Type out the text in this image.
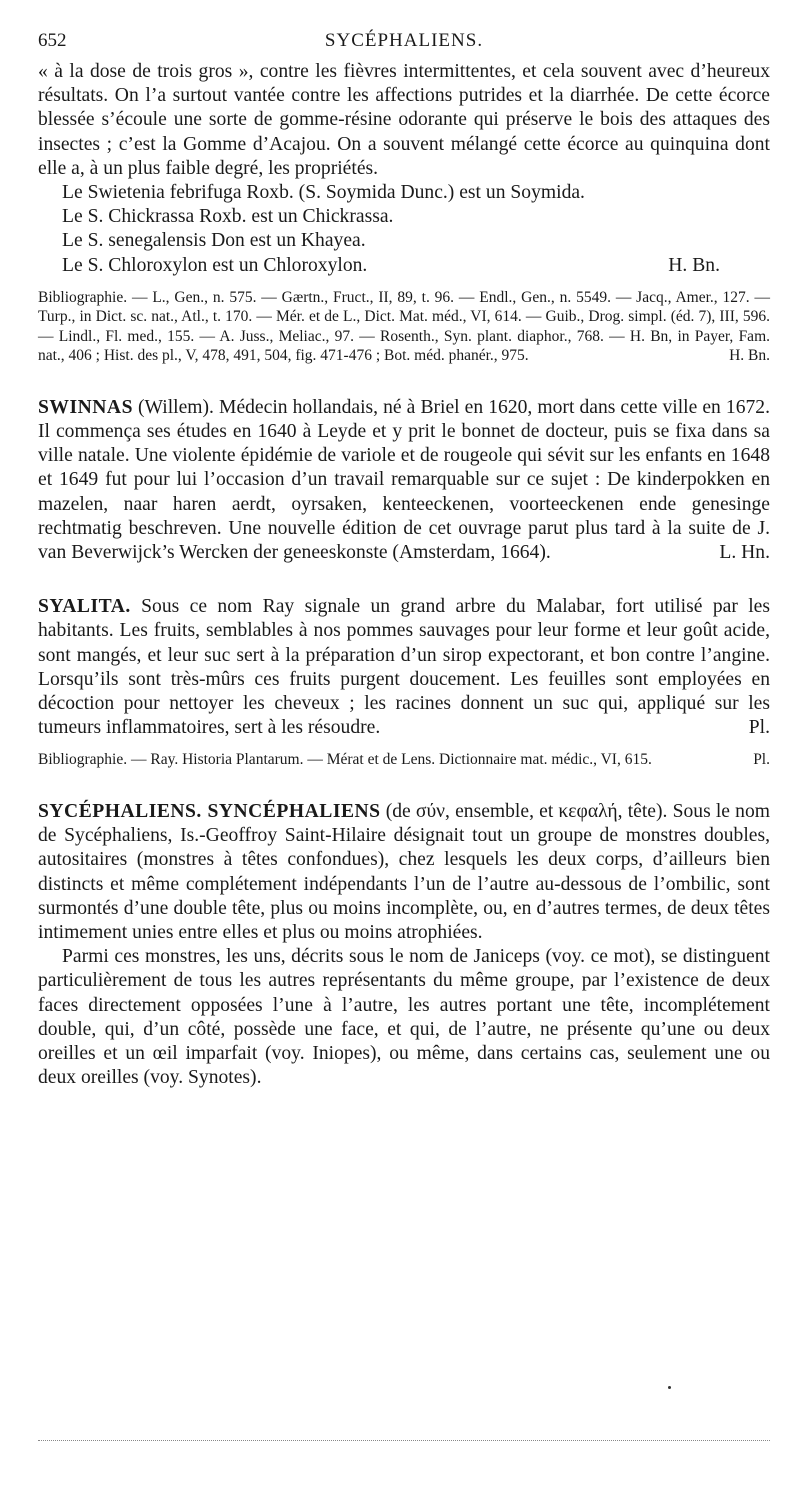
652	SYCÉPHALIENS.

« à la dose de trois gros », contre les fièvres intermittentes, et cela souvent avec d’heureux résultats. On l’a surtout vantée contre les affections putrides et la diarrhée. De cette écorce blessée s’écoule une sorte de gomme-résine odorante qui préserve le bois des attaques des insectes ; c’est la Gomme d’Acajou. On a souvent mélangé cette écorce au quinquina dont elle a, à un plus faible degré, les propriétés.

Le Swietenia febrifuga Roxb. (S. Soymida Dunc.) est un Soymida.

Le S. Chickrassa Roxb. est un Chickrassa.

Le S. senegalensis Don est un Khayea.

Le S. Chloroxylon est un Chloroxylon.	H. Bn.

Bibliographie. — L., Gen., n. 575. — Gærtn., Fruct., II, 89, t. 96. — Endl., Gen., n. 5549. — Jacq., Amer., 127. — Turp., in Dict. sc. nat., Atl., t. 170. — Mér. et de L., Dict. Mat. méd., VI, 614. — Guib., Drog. simpl. (éd. 7), III, 596. — Lindl., Fl. med., 155. — A. Juss., Meliac., 97. — Rosenth., Syn. plant. diaphor., 768. — H. Bn, in Payer, Fam. nat., 406 ; Hist. des pl., V, 478, 491, 504, fig. 471-476 ; Bot. méd. phanér., 975.	H. Bn.

SWINNAS (Willem). Médecin hollandais, né à Briel en 1620, mort dans cette ville en 1672. Il commença ses études en 1640 à Leyde et y prit le bonnet de docteur, puis se fixa dans sa ville natale. Une violente épidémie de variole et de rougeole qui sévit sur les enfants en 1648 et 1649 fut pour lui l’occasion d’un travail remarquable sur ce sujet : De kinderpokken en mazelen, naar haren aerdt, oyrsaken, kenteeckenen, voorteeckenen ende genesinge rechtmatig beschreven. Une nouvelle édition de cet ouvrage parut plus tard à la suite de J. van Beverwijck’s Wercken der geneeskonste (Amsterdam, 1664).	L. Hn.

SYALITA. Sous ce nom Ray signale un grand arbre du Malabar, fort utilisé par les habitants. Les fruits, semblables à nos pommes sauvages pour leur forme et leur goût acide, sont mangés, et leur suc sert à la préparation d’un sirop expectorant, et bon contre l’angine. Lorsqu’ils sont très-mûrs ces fruits purgent doucement. Les feuilles sont employées en décoction pour nettoyer les cheveux ; les racines donnent un suc qui, appliqué sur les tumeurs inflammatoires, sert à les résoudre.	Pl.

Bibliographie. — Ray. Historia Plantarum. — Mérat et de Lens. Dictionnaire mat. médic., VI, 615.	Pl.

SYCÉPHALIENS. SYNCÉPHALIENS (de σύν, ensemble, et κεφαλή, tête). Sous le nom de Sycéphaliens, Is.-Geoffroy Saint-Hilaire désignait tout un groupe de monstres doubles, autositaires (monstres à têtes confondues), chez lesquels les deux corps, d’ailleurs bien distincts et même complétement indépendants l’un de l’autre au-dessous de l’ombilic, sont surmontés d’une double tête, plus ou moins incomplète, ou, en d’autres termes, de deux têtes intimement unies entre elles et plus ou moins atrophiées.

Parmi ces monstres, les uns, décrits sous le nom de Janiceps (voy. ce mot), se distinguent particulièrement de tous les autres représentants du même groupe, par l’existence de deux faces directement opposées l’une à l’autre, les autres portant une tête, incomplétement double, qui, d’un côté, possède une face, et qui, de l’autre, ne présente qu’une ou deux oreilles et un œil imparfait (voy. Iniopes), ou même, dans certains cas, seulement une ou deux oreilles (voy. Synotes).
